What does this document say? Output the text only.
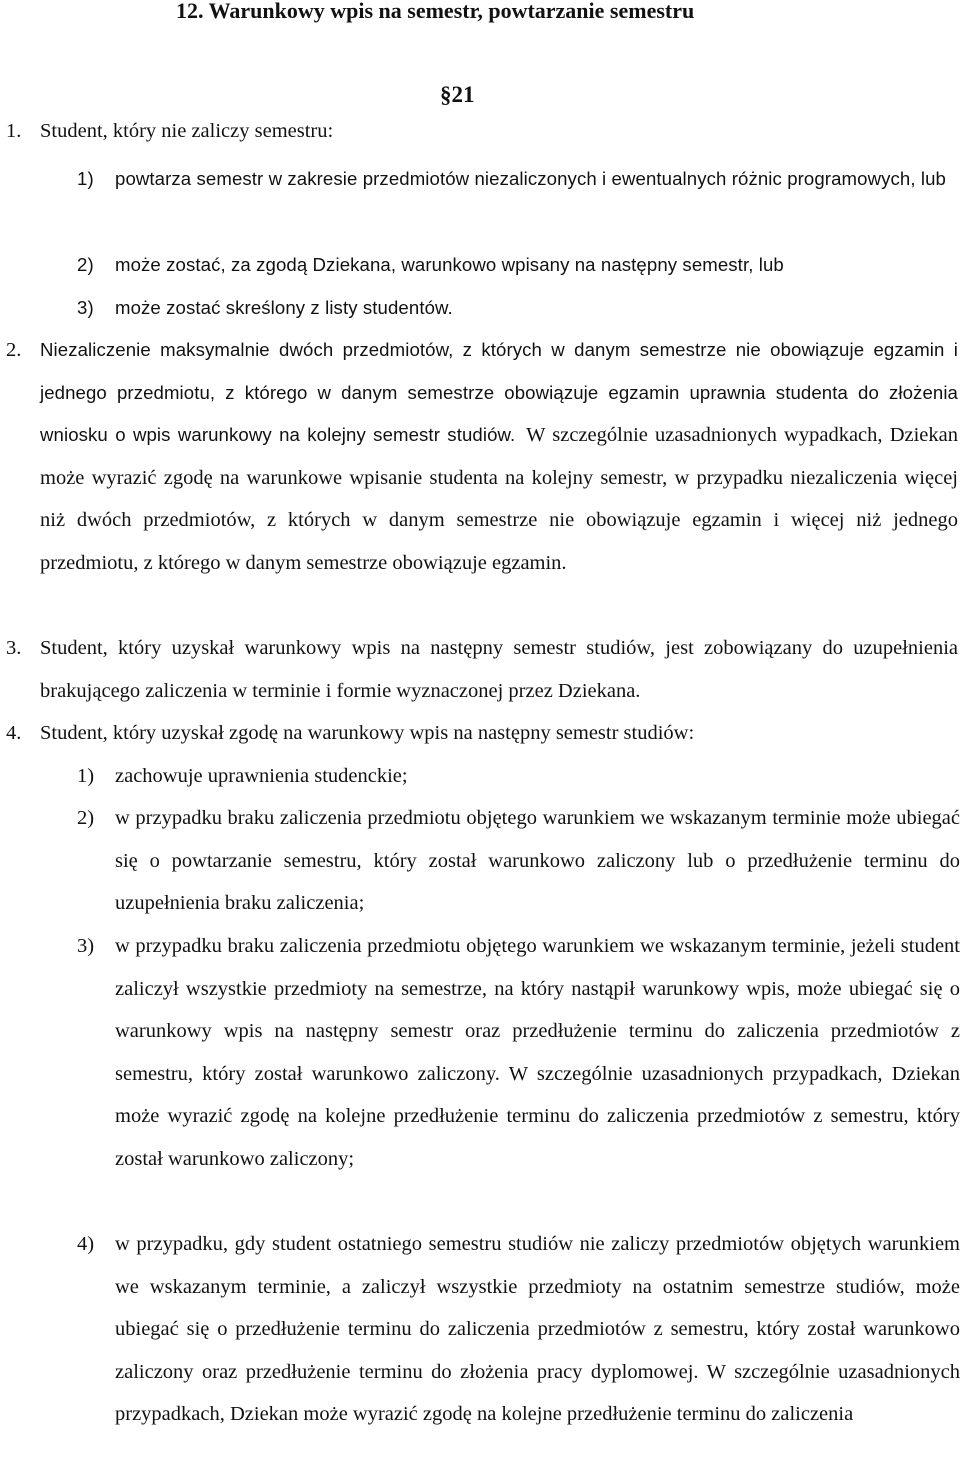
12. Warunkowy wpis na semestr, powtarzanie semestru
§21
1. Student, który nie zaliczy semestru:
1) powtarza semestr w zakresie przedmiotów niezaliczonych i ewentualnych różnic programowych, lub
2) może zostać, za zgodą Dziekana, warunkowo wpisany na następny semestr, lub
3) może zostać skreślony z listy studentów.
2. Niezaliczenie maksymalnie dwóch przedmiotów, z których w danym semestrze nie obowiązuje egzamin i jednego przedmiotu, z którego w danym semestrze obowiązuje egzamin uprawnia studenta do złożenia wniosku o wpis warunkowy na kolejny semestr studiów. W szczególnie uzasadnionych wypadkach, Dziekan może wyrazić zgodę na warunkowe wpisanie studenta na kolejny semestr, w przypadku niezaliczenia więcej niż dwóch przedmiotów, z których w danym semestrze nie obowiązuje egzamin i więcej niż jednego przedmiotu, z którego w danym semestrze obowiązuje egzamin.
3. Student, który uzyskał warunkowy wpis na następny semestr studiów, jest zobowiązany do uzupełnienia brakującego zaliczenia w terminie i formie wyznaczonej przez Dziekana.
4. Student, który uzyskał zgodę na warunkowy wpis na następny semestr studiów:
1) zachowuje uprawnienia studenckie;
2) w przypadku braku zaliczenia przedmiotu objętego warunkiem we wskazanym terminie może ubiegać się o powtarzanie semestru, który został warunkowo zaliczony lub o przedłużenie terminu do uzupełnienia braku zaliczenia;
3) w przypadku braku zaliczenia przedmiotu objętego warunkiem we wskazanym terminie, jeżeli student zaliczył wszystkie przedmioty na semestrze, na który nastąpił warunkowy wpis, może ubiegać się o warunkowy wpis na następny semestr oraz przedłużenie terminu do zaliczenia przedmiotów z semestru, który został warunkowo zaliczony. W szczególnie uzasadnionych przypadkach, Dziekan może wyrazić zgodę na kolejne przedłużenie terminu do zaliczenia przedmiotów z semestru, który został warunkowo zaliczony;
4) w przypadku, gdy student ostatniego semestru studiów nie zaliczy przedmiotów objętych warunkiem we wskazanym terminie, a zaliczył wszystkie przedmioty na ostatnim semestrze studiów, może ubiegać się o przedłużenie terminu do zaliczenia przedmiotów z semestru, który został warunkowo zaliczony oraz przedłużenie terminu do złożenia pracy dyplomowej. W szczególnie uzasadnionych przypadkach, Dziekan może wyrazić zgodę na kolejne przedłużenie terminu do zaliczenia
